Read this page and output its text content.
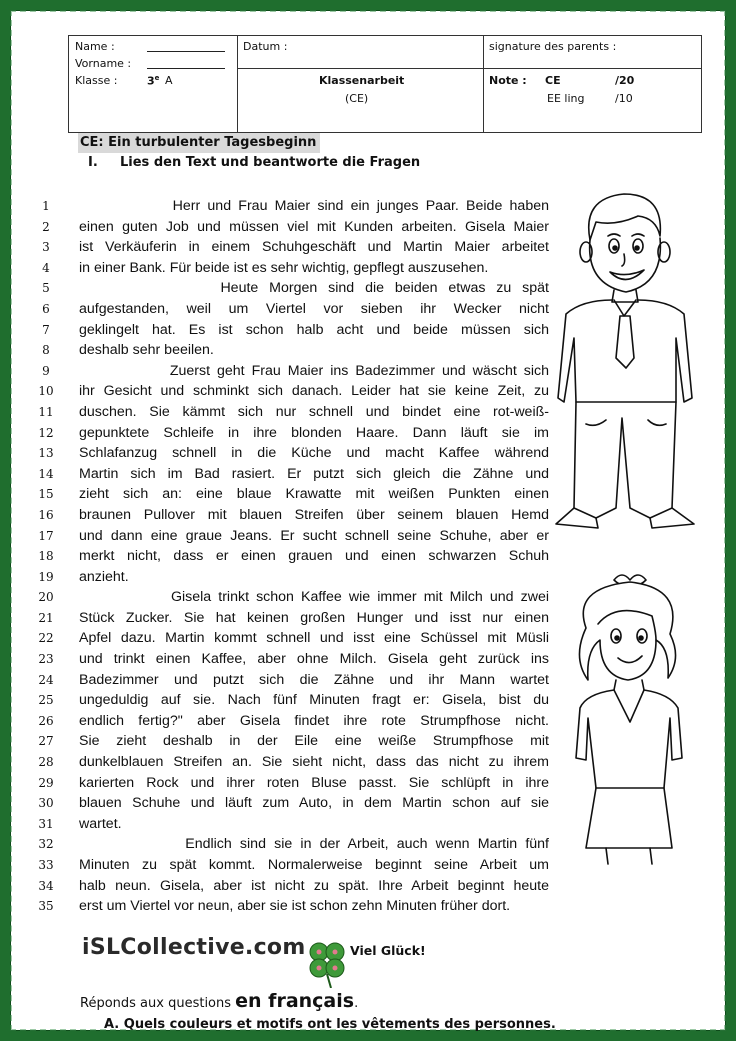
Name :
Vorname :
Klasse :	3e A
Datum :
Klassenarbeit
(CE)
signature des parents :
Note : CE	/20
EE ling	/10
CE: Ein turbulenter Tagesbeginn
I. Lies den Text und beantworte die Fragen
1
2
3
4
5
6
7
8
9
10
11
12
13
14
15
16
17
18
19
20
21
22
23
24
25
26
27
28
29
30
31
32
33
34
35
Herr und Frau Maier sind ein junges Paar. Beide haben
einen guten Job und müssen viel mit Kunden arbeiten. Gisela Maier
ist Verkäuferin in einem Schuhgeschäft und Martin Maier arbeitet
in einer Bank. Für beide ist es sehr wichtig, gepflegt auszusehen.
Heute Morgen sind die beiden etwas zu spät
aufgestanden, weil um Viertel vor sieben ihr Wecker nicht
geklingelt hat. Es ist schon halb acht und beide müssen sich
deshalb sehr beeilen.
Zuerst geht Frau Maier ins Badezimmer und wäscht sich
ihr Gesicht und schminkt sich danach. Leider hat sie keine Zeit, zu
duschen. Sie kämmt sich nur schnell und bindet eine rot-weiß-
gepunktete Schleife in ihre blonden Haare. Dann läuft sie im
Schlafanzug schnell in die Küche und macht Kaffee während
Martin sich im Bad rasiert. Er putzt sich gleich die Zähne und
zieht sich an: eine blaue Krawatte mit weißen Punkten einen
braunen Pullover mit blauen Streifen über seinem blauen Hemd
und dann eine graue Jeans. Er sucht schnell seine Schuhe, aber er
merkt nicht, dass er einen grauen und einen schwarzen Schuh
anzieht.
Gisela trinkt schon Kaffee wie immer mit Milch und zwei
Stück Zucker. Sie hat keinen großen Hunger und isst nur einen
Apfel dazu. Martin kommt schnell und isst eine Schüssel mit Müsli
und trinkt einen Kaffee, aber ohne Milch. Gisela geht zurück ins
Badezimmer und putzt sich die Zähne und ihr Mann wartet
ungeduldig auf sie. Nach fünf Minuten fragt er: Gisela, bist du
endlich fertig?" aber Gisela findet ihre rote Strumpfhose nicht.
Sie zieht deshalb in der Eile eine weiße Strumpfhose mit
dunkelblauen Streifen an. Sie sieht nicht, dass das nicht zu ihrem
karierten Rock und ihrer roten Bluse passt. Sie schlüpft in ihre
blauen Schuhe und läuft zum Auto, in dem Martin schon auf sie
wartet.
Endlich sind sie in der Arbeit, auch wenn Martin fünf
Minuten zu spät kommt. Normalerweise beginnt seine Arbeit um
halb neun. Gisela, aber ist nicht zu spät. Ihre Arbeit beginnt heute
erst um Viertel vor neun, aber sie ist schon zehn Minuten früher dort.
iSLCollective.com	Viel Glück!
Réponds aux questions en français.
A. Quels couleurs et motifs ont les vêtements des personnes.
